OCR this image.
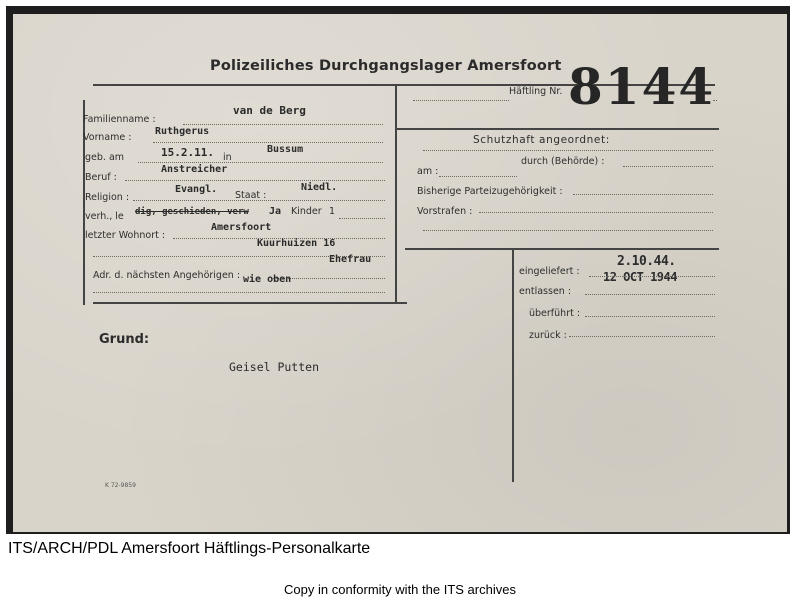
Polizeiliches Durchgangslager Amersfoort
Häftling Nr. 8144
Familienname :
van de Berg
Vorname :
Ruthgerus
geb. am	15.2.11. in
Bussum
Beruf :
Anstreicher
Religion :
Evangl.
Staat :
Niedl.
verh., le dig, geschieden, verw Ja Kinder 1
letzter Wohnort :
Amersfoort
Kuurhuizen 16
Ehefrau
Adr. d. nächsten Angehörigen : wie oben
Schutzhaft angeordnet:
am :
durch (Behörde) :
Bisherige Parteizugehörigkeit :
Vorstrafen :
eingeliefert :
2.10.44.
12 OCT 1944
entlassen :
überführt :
zurück :
Grund:
Geisel Putten
K 72-9859
ITS/ARCH/PDL Amersfoort Häftlings-Personalkarte
Copy in conformity with the ITS archives
